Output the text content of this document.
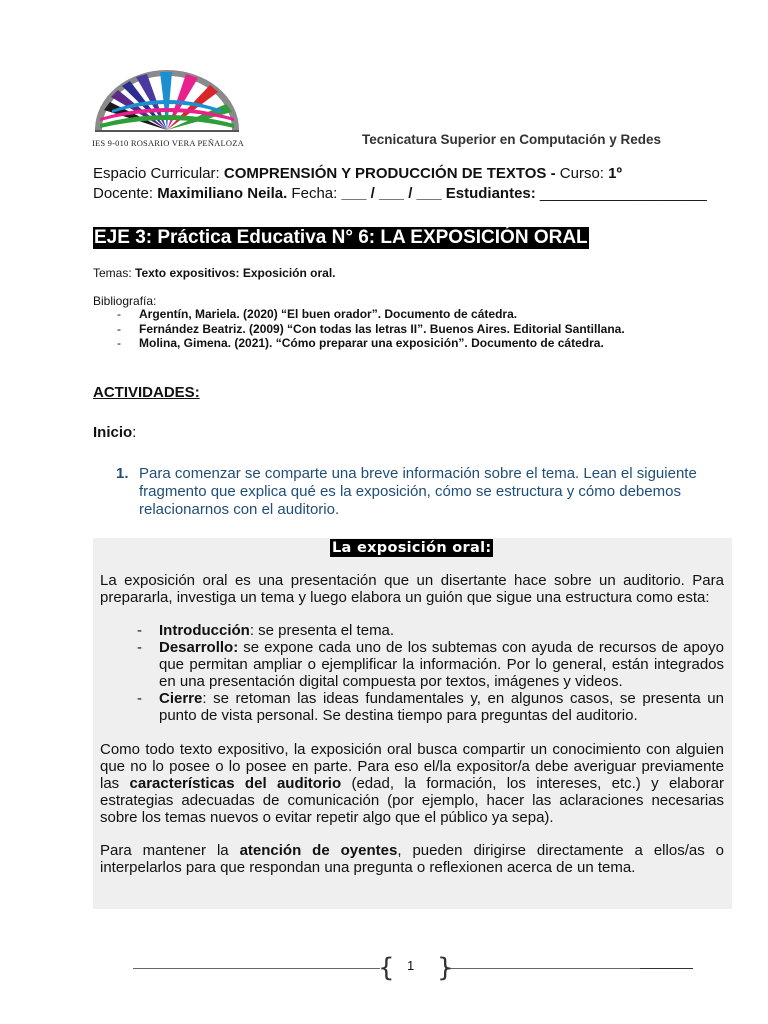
IES 9-010 ROSARIO VERA PEÑALOZA	Tecnicatura Superior en Computación y Redes
Espacio Curricular: COMPRENSIÓN Y PRODUCCIÓN DE TEXTOS - Curso: 1º
Docente: Maximiliano Neila. Fecha: ___ / ___ / ___ Estudiantes: ____________________
EJE 3: Práctica Educativa N° 6: LA EXPOSICIÓN ORAL
Temas: Texto expositivos: Exposición oral.
Bibliografía:
- Argentín, Mariela. (2020) “El buen orador”. Documento de cátedra.
- Fernández Beatriz. (2009) “Con todas las letras II”. Buenos Aires. Editorial Santillana.
- Molina, Gimena. (2021). “Cómo preparar una exposición”. Documento de cátedra.
ACTIVIDADES:
Inicio:
1. Para comenzar se comparte una breve información sobre el tema. Lean el siguiente fragmento que explica qué es la exposición, cómo se estructura y cómo debemos relacionarnos con el auditorio.
La exposición oral:
La exposición oral es una presentación que un disertante hace sobre un auditorio. Para prepararla, investiga un tema y luego elabora un guión que sigue una estructura como esta:
- Introducción: se presenta el tema.
- Desarrollo: se expone cada uno de los subtemas con ayuda de recursos de apoyo que permitan ampliar o ejemplificar la información. Por lo general, están integrados en una presentación digital compuesta por textos, imágenes y videos.
- Cierre: se retoman las ideas fundamentales y, en algunos casos, se presenta un punto de vista personal. Se destina tiempo para preguntas del auditorio.
Como todo texto expositivo, la exposición oral busca compartir un conocimiento con alguien que no lo posee o lo posee en parte. Para eso el/la expositor/a debe averiguar previamente las características del auditorio (edad, la formación, los intereses, etc.) y elaborar estrategias adecuadas de comunicación (por ejemplo, hacer las aclaraciones necesarias sobre los temas nuevos o evitar repetir algo que el público ya sepa).
Para mantener la atención de oyentes, pueden dirigirse directamente a ellos/as o interpelarlos para que respondan una pregunta o reflexionen acerca de un tema.
{ 1 }
